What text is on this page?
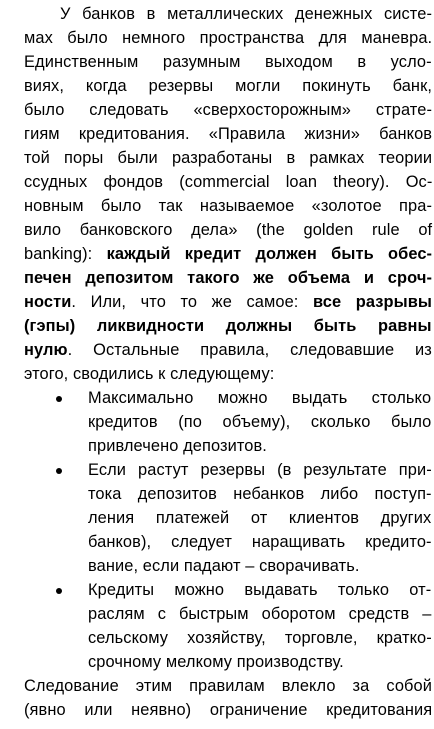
У банков в металлических денежных систе-
мах было немного пространства для маневра.
Единственным разумным выходом в усло-
виях, когда резервы могли покинуть банк,
было следовать «сверхосторожным» страте-
гиям кредитования. «Правила жизни» банков
той поры были разработаны в рамках теории
ссудных фондов (commercial loan theory). Ос-
новным было так называемое «золотое пра-
вило банковского дела» (the golden rule of
banking): каждый кредит должен быть обес-
печен депозитом такого же объема и сроч-
ности. Или, что то же самое: все разрывы
(гэпы) ликвидности должны быть равны
нулю. Остальные правила, следовавшие из
этого, сводились к следующему:
Максимально можно выдать столько
кредитов (по объему), сколько было
привлечено депозитов.
Если растут резервы (в результате при-
тока депозитов небанков либо поступ-
ления платежей от клиентов других
банков), следует наращивать кредито-
вание, если падают – сворачивать.
Кредиты можно выдавать только от-
раслям с быстрым оборотом средств –
сельскому хозяйству, торговле, кратко-
срочному мелкому производству.
Следование этим правилам влекло за собой
(явно или неявно) ограничение кредитования
